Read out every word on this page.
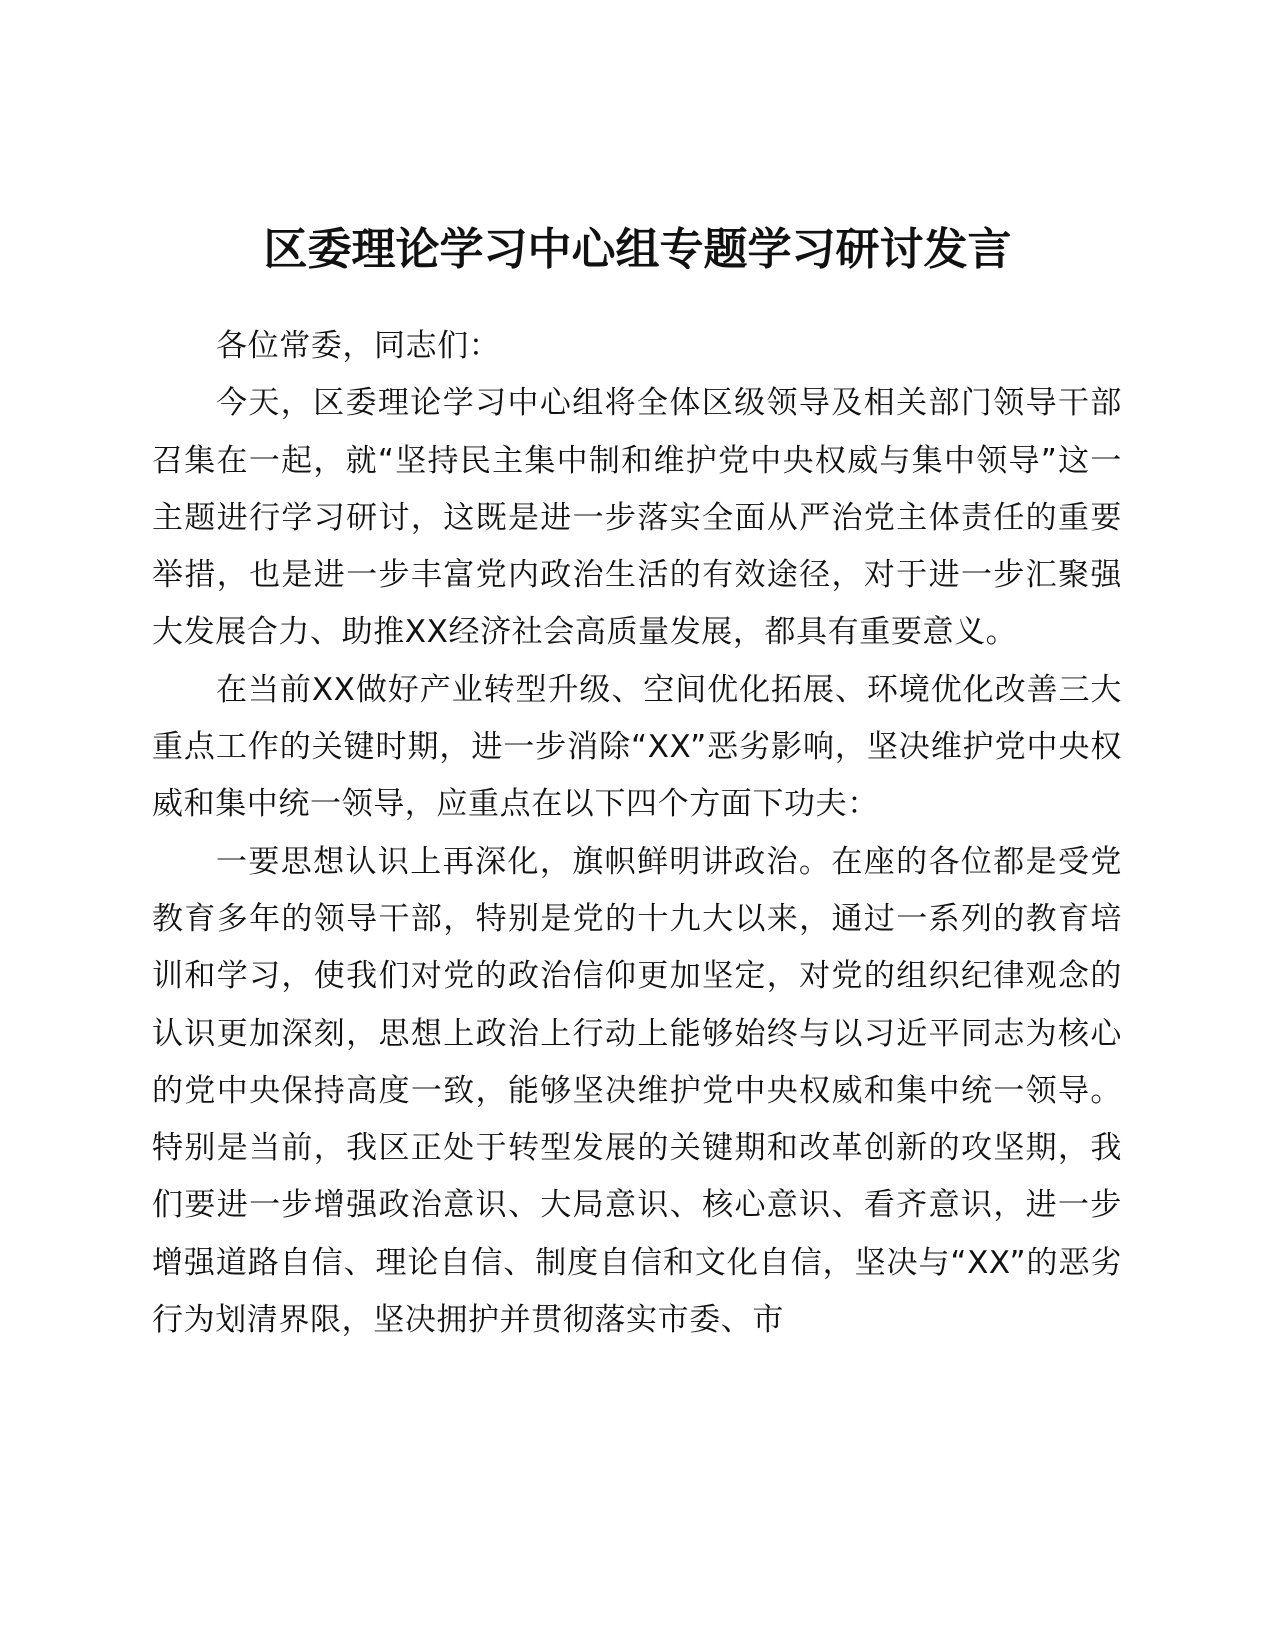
区委理论学习中心组专题学习研讨发言

各位常委，同志们：

今天，区委理论学习中心组将全体区级领导及相关部门领导干部召集在一起，就“坚持民主集中制和维护党中央权威与集中领导”这一主题进行学习研讨，这既是进一步落实全面从严治党主体责任的重要举措，也是进一步丰富党内政治生活的有效途径，对于进一步汇聚强大发展合力、助推XX经济社会高质量发展，都具有重要意义。

在当前XX做好产业转型升级、空间优化拓展、环境优化改善三大重点工作的关键时期，进一步消除“XX”恶劣影响，坚决维护党中央权威和集中统一领导，应重点在以下四个方面下功夫：

一要思想认识上再深化，旗帜鲜明讲政治。在座的各位都是受党教育多年的领导干部，特别是党的十九大以来，通过一系列的教育培训和学习，使我们对党的政治信仰更加坚定，对党的组织纪律观念的认识更加深刻，思想上政治上行动上能够始终与以习近平同志为核心的党中央保持高度一致，能够坚决维护党中央权威和集中统一领导。特别是当前，我区正处于转型发展的关键期和改革创新的攻坚期，我们要进一步增强政治意识、大局意识、核心意识、看齐意识，进一步增强道路自信、理论自信、制度自信和文化自信，坚决与“XX”的恶劣行为划清界限，坚决拥护并贯彻落实市委、市
